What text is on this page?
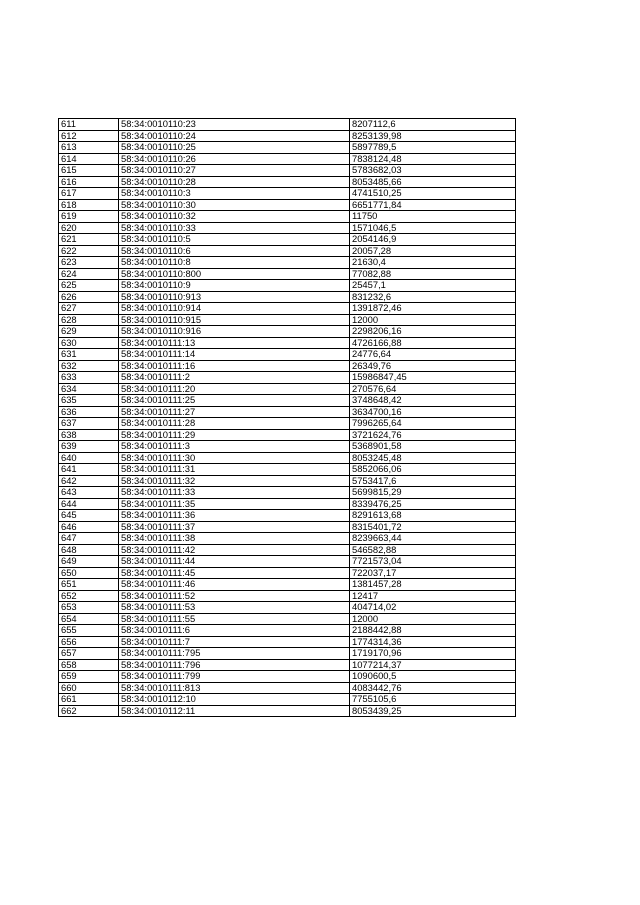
611	58:34:0010110:23	8207112,6
612	58:34:0010110:24	8253139,98
613	58:34:0010110:25	5897789,5
614	58:34:0010110:26	7838124,48
615	58:34:0010110:27	5783682,03
616	58:34:0010110:28	8053485,66
617	58:34:0010110:3	4741510,25
618	58:34:0010110:30	6651771,84
619	58:34:0010110:32	11750
620	58:34:0010110:33	1571046,5
621	58:34:0010110:5	2054146,9
622	58:34:0010110:6	20057,28
623	58:34:0010110:8	21630,4
624	58:34:0010110:800	77082,88
625	58:34:0010110:9	25457,1
626	58:34:0010110:913	831232,6
627	58:34:0010110:914	1391872,46
628	58:34:0010110:915	12000
629	58:34:0010110:916	2298206,16
630	58:34:0010111:13	4726166,88
631	58:34:0010111:14	24776,64
632	58:34:0010111:16	26349,76
633	58:34:0010111:2	15986847,45
634	58:34:0010111:20	270576,64
635	58:34:0010111:25	3748648,42
636	58:34:0010111:27	3634700,16
637	58:34:0010111:28	7996265,64
638	58:34:0010111:29	3721624,76
639	58:34:0010111:3	5368901,58
640	58:34:0010111:30	8053245,48
641	58:34:0010111:31	5852066,06
642	58:34:0010111:32	5753417,6
643	58:34:0010111:33	5699815,29
644	58:34:0010111:35	8339476,25
645	58:34:0010111:36	8291613,68
646	58:34:0010111:37	8315401,72
647	58:34:0010111:38	8239663,44
648	58:34:0010111:42	546582,88
649	58:34:0010111:44	7721573,04
650	58:34:0010111:45	722037,17
651	58:34:0010111:46	1381457,28
652	58:34:0010111:52	12417
653	58:34:0010111:53	404714,02
654	58:34:0010111:55	12000
655	58:34:0010111:6	2188442,88
656	58:34:0010111:7	1774314,36
657	58:34:0010111:795	1719170,96
658	58:34:0010111:796	1077214,37
659	58:34:0010111:799	1090600,5
660	58:34:0010111:813	4083442,76
661	58:34:0010112:10	7755105,6
662	58:34:0010112:11	8053439,25
